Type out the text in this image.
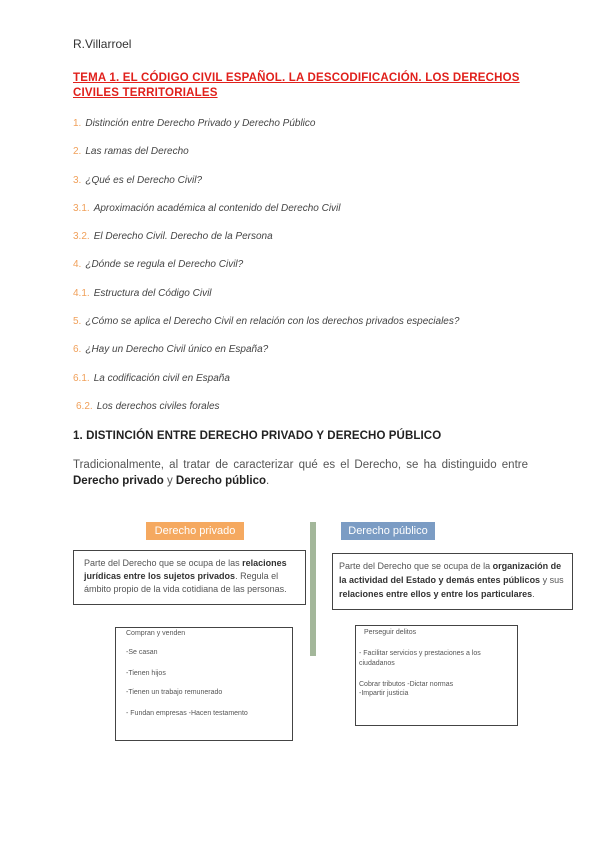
R.Villarroel
TEMA 1. EL CÓDIGO CIVIL ESPAÑOL. LA DESCODIFICACIÓN. LOS DERECHOS CIVILES TERRITORIALES
1. Distinción entre Derecho Privado y Derecho Público
2. Las ramas del Derecho
3. ¿Qué es el Derecho Civil?
3.1. Aproximación académica al contenido del Derecho Civil
3.2. El Derecho Civil. Derecho de la Persona
4. ¿Dónde se regula el Derecho Civil?
4.1. Estructura del Código Civil
5. ¿Cómo se aplica el Derecho Civil en relación con los derechos privados especiales?
6. ¿Hay un Derecho Civil único en España?
6.1. La codificación civil en España
6.2. Los derechos civiles forales
1. DISTINCIÓN ENTRE DERECHO PRIVADO Y DERECHO PÚBLICO
Tradicionalmente, al tratar de caracterizar qué es el Derecho, se ha distinguido entre Derecho privado y Derecho público.
Derecho privado	Derecho público
Parte del Derecho que se ocupa de las relaciones jurídicas entre los sujetos privados. Regula el ámbito propio de la vida cotidiana de las personas.
Parte del Derecho que se ocupa de la organización de la actividad del Estado y demás entes públicos y sus relaciones entre ellos y entre los particulares.
Compran y venden
-Se casan
-Tienen hijos
-Tienen un trabajo remunerado
- Fundan empresas -Hacen testamento
Perseguir delitos
- Facilitar servicios y prestaciones a los ciudadanos
Cobrar tributos -Dictar normas
-Impartir justicia
